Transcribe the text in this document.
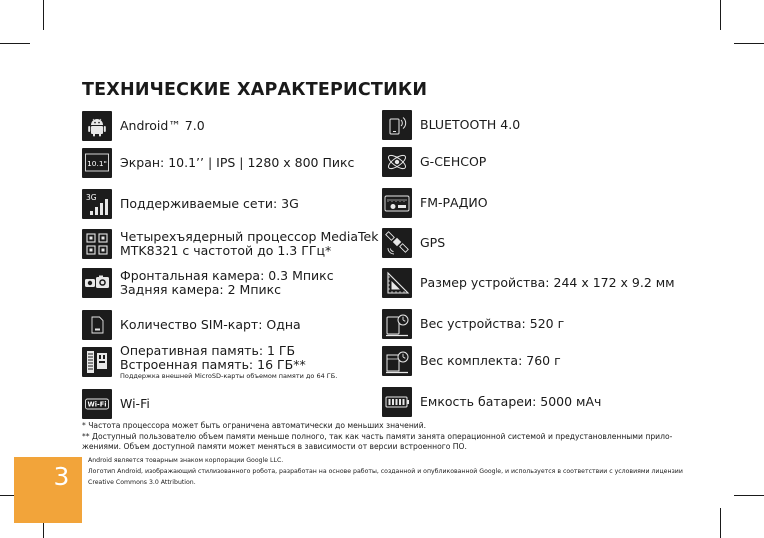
ТЕХНИЧЕСКИЕ ХАРАКТЕРИСТИКИ
Android™ 7.0
10.1" Экран: 10.1’’ | IPS | 1280 x 800 Пикс
3G Поддерживаемые сети: 3G
Четырехъядерный процессор MediaTek
MTK8321 с частотой до 1.3 ГГц*
Фронтальная камера: 0.3 Мпикс
Задняя камера: 2 Мпикс
Количество SIM-карт: Одна
Оперативная память: 1 ГБ
Встроенная память: 16 ГБ**
Поддержка внешней MicroSD-карты объемом памяти до 64 ГБ.
Wi-Fi Wi-Fi
BLUETOOTH 4.0
G-СЕНСОР
FM-РАДИО
GPS
Размер устройства: 244 x 172 x 9.2 мм
Вес устройства: 520 г
Вес комплекта: 760 г
Емкость батареи: 5000 мАч
* Частота процессора может быть ограничена автоматически до меньших значений.
** Доступный пользователю объем памяти меньше полного, так как часть памяти занята операционной системой и предустановленными прило-
жениями. Объем доступной памяти может меняться в зависимости от версии встроенного ПО.
Android является товарным знаком корпорации Google LLC.
Логотип Android, изображающий стилизованного робота, разработан на основе работы, созданной и опубликованной Google, и используется в соответствии с условиями лицензии
Creative Commons 3.0 Attribution.
3
